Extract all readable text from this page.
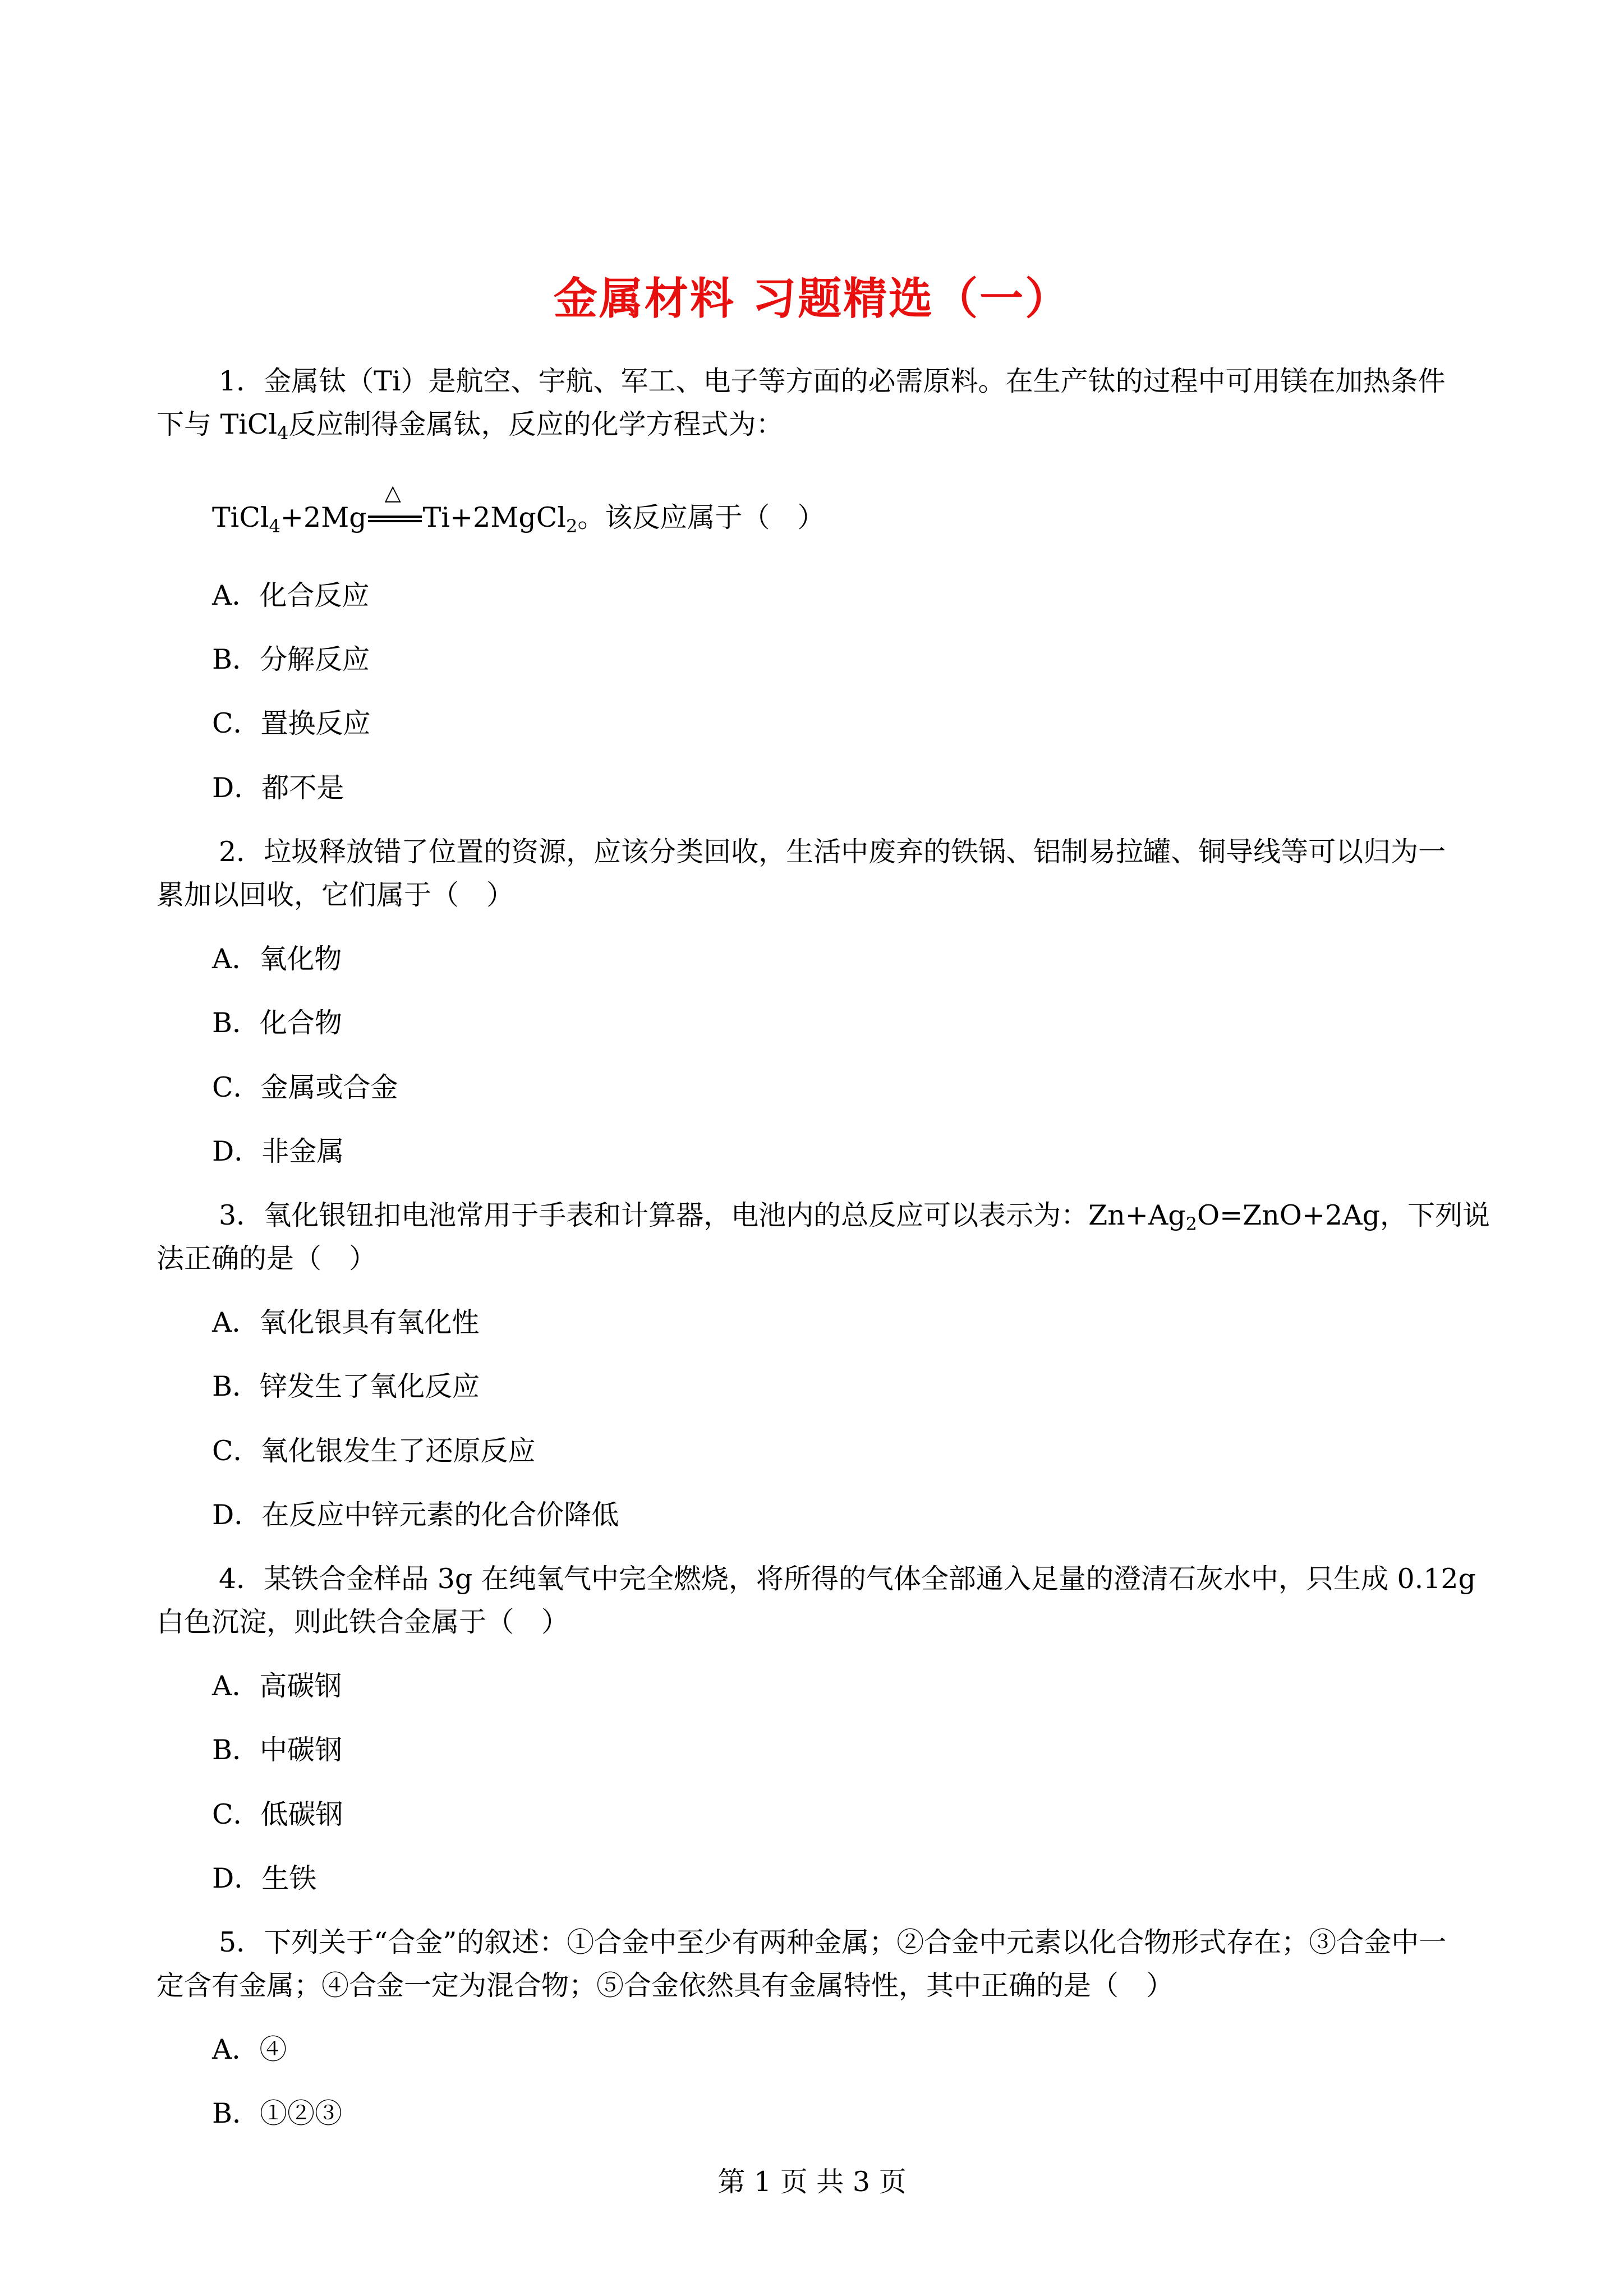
金属材料 习题精选（一）
1．金属钛（Ti）是航空、宇航、军工、电子等方面的必需原料。在生产钛的过程中可用镁在加热条件
下与 TiCl$_4$反应制得金属钛，反应的化学方程式为：
TiCl$_4$+2Mg
△
Ti+2MgCl$_2$。该反应属于（　）
A．化合反应
B．分解反应
C．置换反应
D．都不是
2．垃圾释放错了位置的资源，应该分类回收，生活中废弃的铁锅、铝制易拉罐、铜导线等可以归为一
累加以回收，它们属于（　）
A．氧化物
B．化合物
C．金属或合金
D．非金属
3．氧化银钮扣电池常用于手表和计算器，电池内的总反应可以表示为：$Zn+Ag_2O=ZnO+2Ag$，下列说
法正确的是（　）
A．氧化银具有氧化性
B．锌发生了氧化反应
C．氧化银发生了还原反应
D．在反应中锌元素的化合价降低
4．某铁合金样品 3g 在纯氧气中完全燃烧，将所得的气体全部通入足量的澄清石灰水中，只生成 0.12g
白色沉淀，则此铁合金属于（　）
A．高碳钢
B．中碳钢
C．低碳钢
D．生铁
5．下列关于“合金”的叙述：①合金中至少有两种金属；②合金中元素以化合物形式存在；③合金中一
定含有金属；④合金一定为混合物；⑤合金依然具有金属特性，其中正确的是（　）
A．④
B．①②③
第 1 页 共 3 页
